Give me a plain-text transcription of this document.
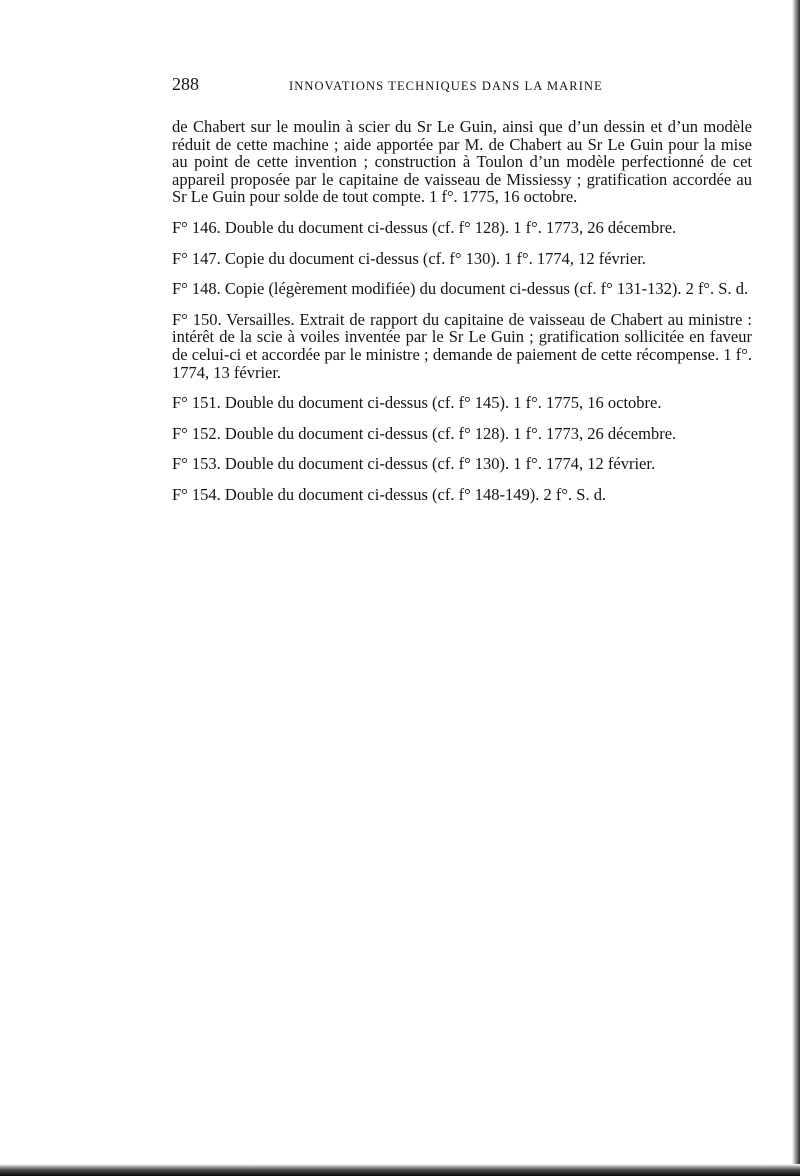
288	INNOVATIONS TECHNIQUES DANS LA MARINE

de Chabert sur le moulin à scier du Sr Le Guin, ainsi que d’un dessin et d’un modèle réduit de cette machine ; aide apportée par M. de Chabert au Sr Le Guin pour la mise au point de cette invention ; construction à Toulon d’un modèle perfectionné de cet appareil proposée par le capitaine de vaisseau de Missiessy ; gratification accordée au Sr Le Guin pour solde de tout compte. 1 f°. 1775, 16 octobre.

F° 146. Double du document ci-dessus (cf. f° 128). 1 f°. 1773, 26 décembre.

F° 147. Copie du document ci-dessus (cf. f° 130). 1 f°. 1774, 12 février.

F° 148. Copie (légèrement modifiée) du document ci-dessus (cf. f° 131-132). 2 f°. S. d.

F° 150. Versailles. Extrait de rapport du capitaine de vaisseau de Chabert au ministre : intérêt de la scie à voiles inventée par le Sr Le Guin ; gratification sollicitée en faveur de celui-ci et accordée par le ministre ; demande de paiement de cette récompense. 1 f°. 1774, 13 février.

F° 151. Double du document ci-dessus (cf. f° 145). 1 f°. 1775, 16 octobre.

F° 152. Double du document ci-dessus (cf. f° 128). 1 f°. 1773, 26 décembre.

F° 153. Double du document ci-dessus (cf. f° 130). 1 f°. 1774, 12 février.

F° 154. Double du document ci-dessus (cf. f° 148-149). 2 f°. S. d.
